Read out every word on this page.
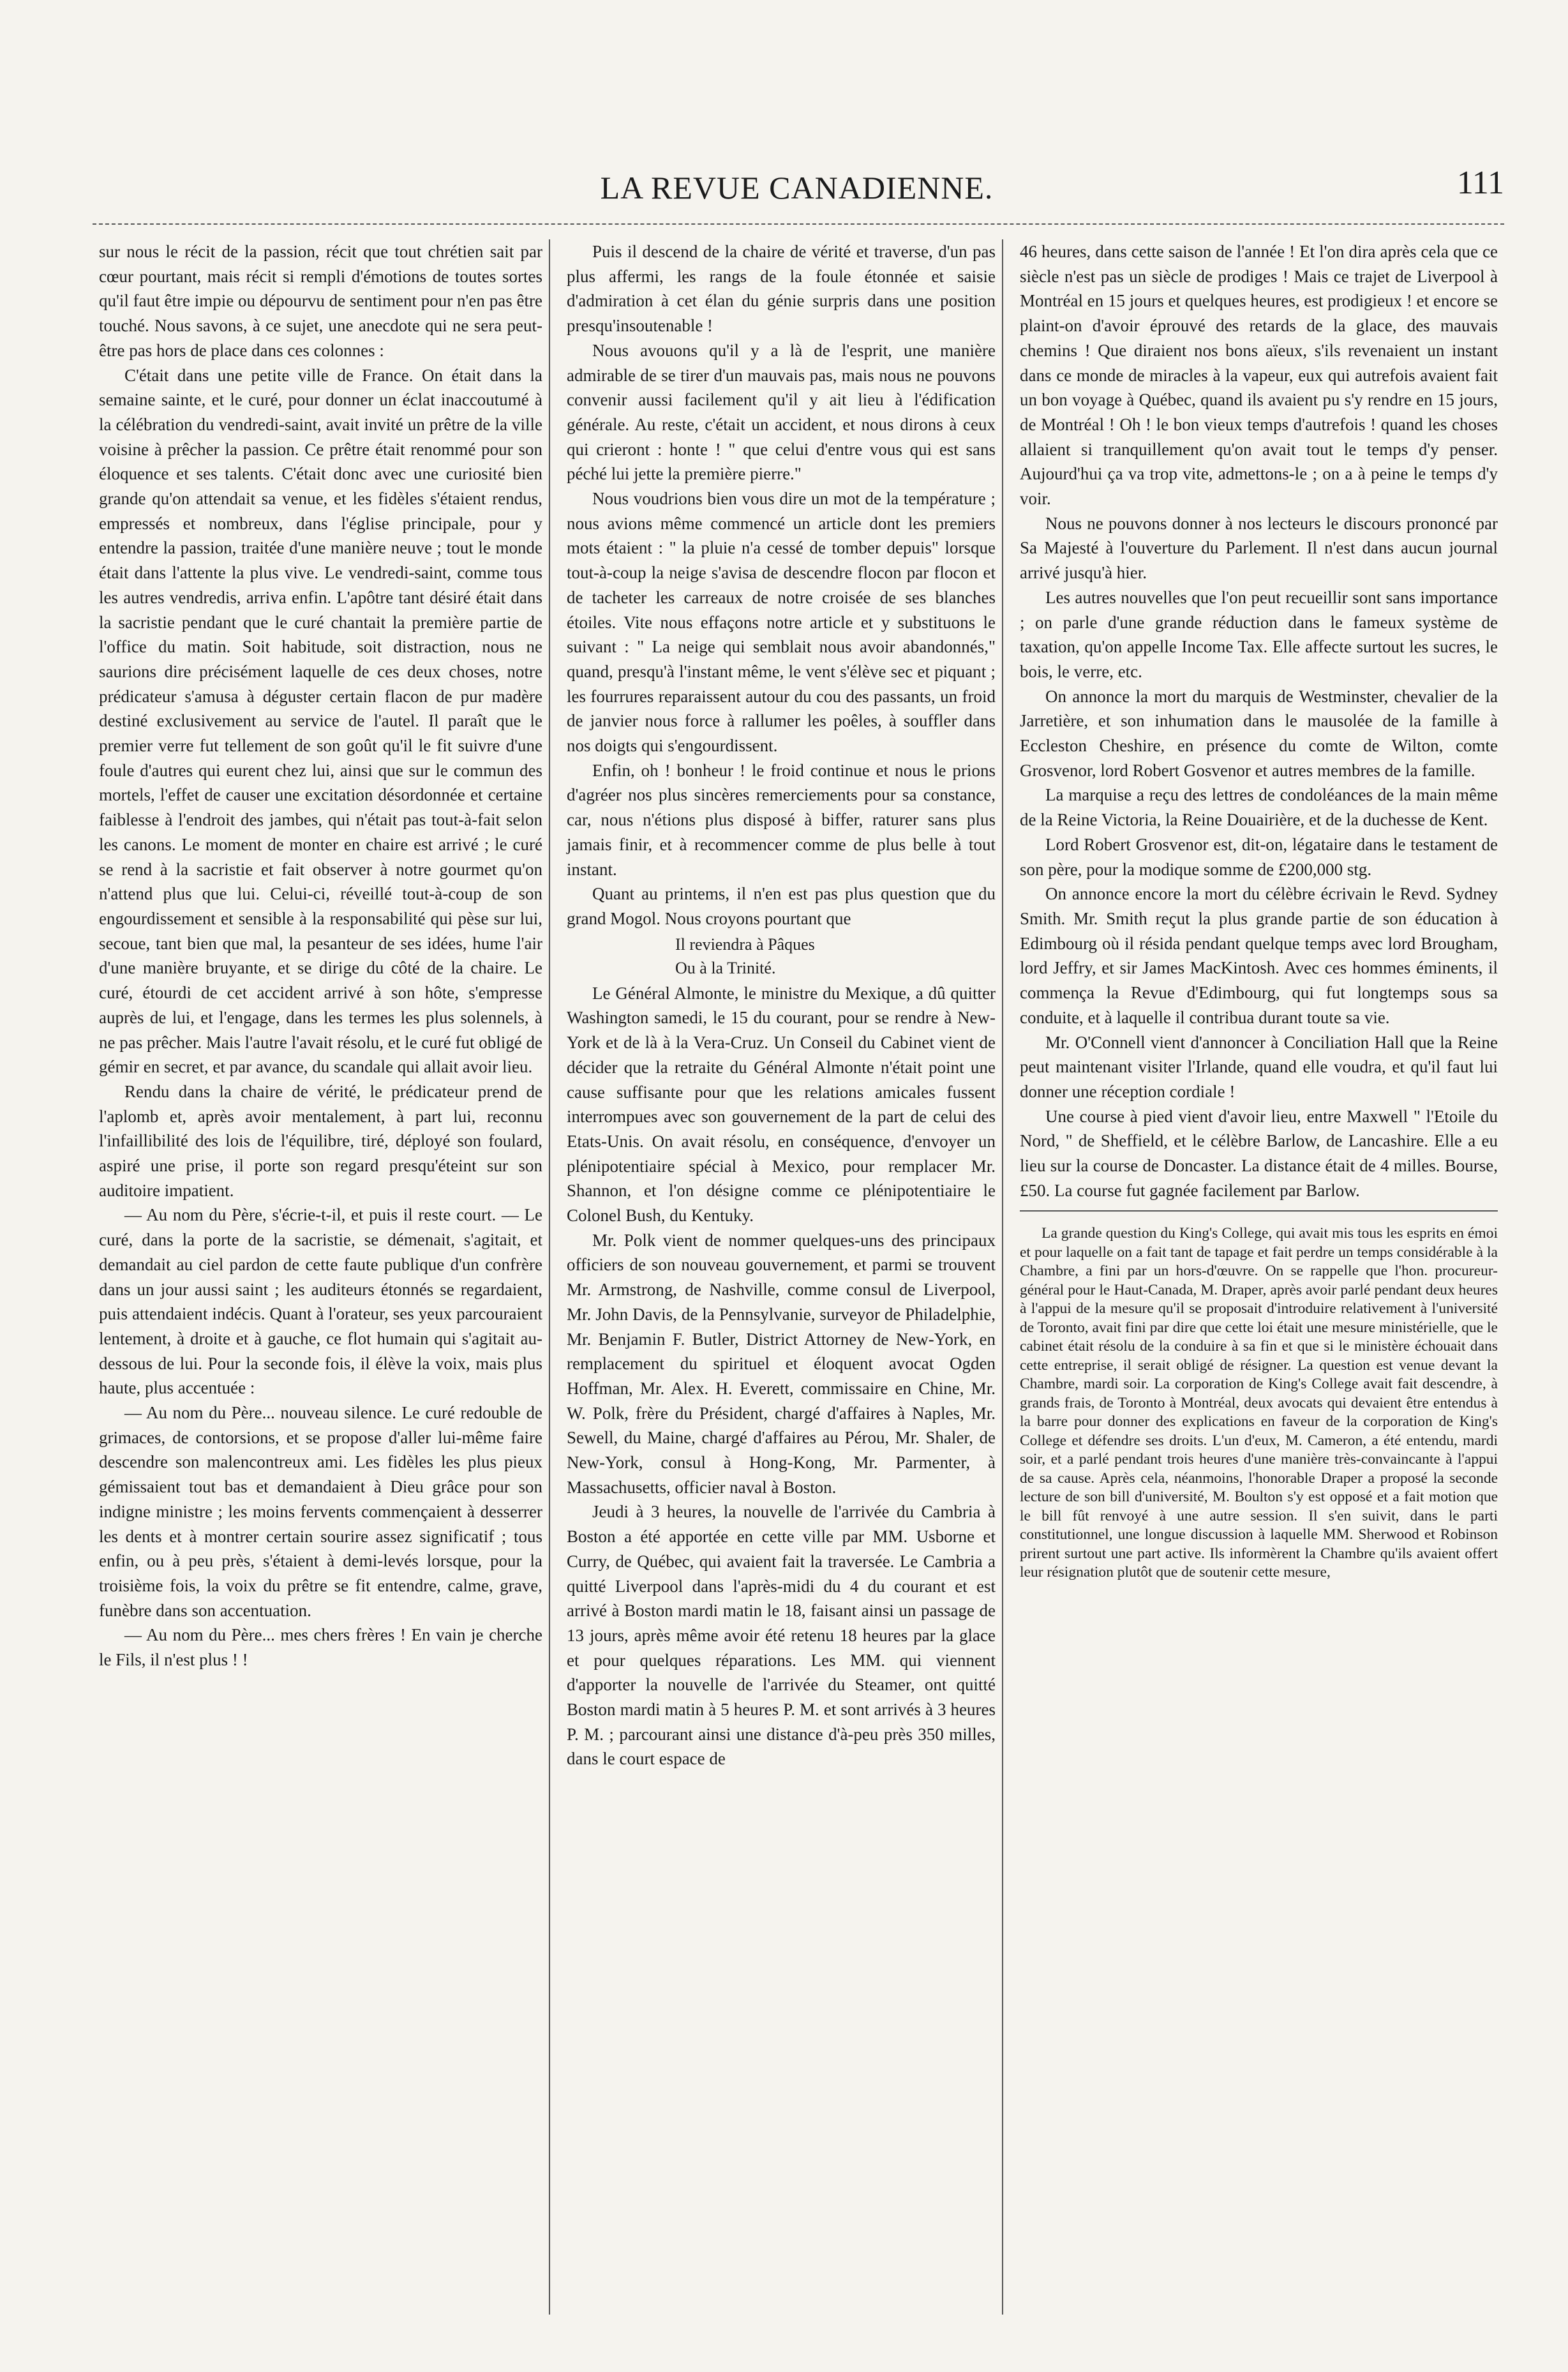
LA REVUE CANADIENNE.	111

sur nous le récit de la passion, récit que tout chrétien sait par cœur pourtant, mais récit si rempli d'émotions de toutes sortes qu'il faut être impie ou dépourvu de sentiment pour n'en pas être touché. Nous savons, à ce sujet, une anecdote qui ne sera peut-être pas hors de place dans ces colonnes :

C'était dans une petite ville de France. On était dans la semaine sainte, et le curé, pour donner un éclat inaccoutumé à la célébration du vendredi-saint, avait invité un prêtre de la ville voisine à prêcher la passion. Ce prêtre était renommé pour son éloquence et ses talents. C'était donc avec une curiosité bien grande qu'on attendait sa venue, et les fidèles s'étaient rendus, empressés et nombreux, dans l'église principale, pour y entendre la passion, traitée d'une manière neuve ; tout le monde était dans l'attente la plus vive. Le vendredi-saint, comme tous les autres vendredis, arriva enfin. L'apôtre tant désiré était dans la sacristie pendant que le curé chantait la première partie de l'office du matin. Soit habitude, soit distraction, nous ne saurions dire précisément laquelle de ces deux choses, notre prédicateur s'amusa à déguster certain flacon de pur madère destiné exclusivement au service de l'autel. Il paraît que le premier verre fut tellement de son goût qu'il le fit suivre d'une foule d'autres qui eurent chez lui, ainsi que sur le commun des mortels, l'effet de causer une excitation désordonnée et certaine faiblesse à l'endroit des jambes, qui n'était pas tout-à-fait selon les canons. Le moment de monter en chaire est arrivé ; le curé se rend à la sacristie et fait observer à notre gourmet qu'on n'attend plus que lui. Celui-ci, réveillé tout-à-coup de son engourdissement et sensible à la responsabilité qui pèse sur lui, secoue, tant bien que mal, la pesanteur de ses idées, hume l'air d'une manière bruyante, et se dirige du côté de la chaire. Le curé, étourdi de cet accident arrivé à son hôte, s'empresse auprès de lui, et l'engage, dans les termes les plus solennels, à ne pas prêcher. Mais l'autre l'avait résolu, et le curé fut obligé de gémir en secret, et par avance, du scandale qui allait avoir lieu.

Rendu dans la chaire de vérité, le prédicateur prend de l'aplomb et, après avoir mentalement, à part lui, reconnu l'infaillibilité des lois de l'équilibre, tiré, déployé son foulard, aspiré une prise, il porte son regard presqu'éteint sur son auditoire impatient.

— Au nom du Père, s'écrie-t-il, et puis il reste court. — Le curé, dans la porte de la sacristie, se démenait, s'agitait, et demandait au ciel pardon de cette faute publique d'un confrère dans un jour aussi saint ; les auditeurs étonnés se regardaient, puis attendaient indécis. Quant à l'orateur, ses yeux parcouraient lentement, à droite et à gauche, ce flot humain qui s'agitait au-dessous de lui. Pour la seconde fois, il élève la voix, mais plus haute, plus accentuée :

— Au nom du Père... nouveau silence. Le curé redouble de grimaces, de contorsions, et se propose d'aller lui-même faire descendre son malencontreux ami. Les fidèles les plus pieux gémissaient tout bas et demandaient à Dieu grâce pour son indigne ministre ; les moins fervents commençaient à desserrer les dents et à montrer certain sourire assez significatif ; tous enfin, ou à peu près, s'étaient à demi-levés lorsque, pour la troisième fois, la voix du prêtre se fit entendre, calme, grave, funèbre dans son accentuation.

— Au nom du Père... mes chers frères ! En vain je cherche le Fils, il n'est plus ! !

Puis il descend de la chaire de vérité et traverse, d'un pas plus affermi, les rangs de la foule étonnée et saisie d'admiration à cet élan du génie surpris dans une position presqu'insoutenable !

Nous avouons qu'il y a là de l'esprit, une manière admirable de se tirer d'un mauvais pas, mais nous ne pouvons convenir aussi facilement qu'il y ait lieu à l'édification générale. Au reste, c'était un accident, et nous dirons à ceux qui crieront : honte ! " que celui d'entre vous qui est sans péché lui jette la première pierre."

Nous voudrions bien vous dire un mot de la température ; nous avions même commencé un article dont les premiers mots étaient : " la pluie n'a cessé de tomber depuis" lorsque tout-à-coup la neige s'avisa de descendre flocon par flocon et de tacheter les carreaux de notre croisée de ses blanches étoiles. Vite nous effaçons notre article et y substituons le suivant : " La neige qui semblait nous avoir abandonnés," quand, presqu'à l'instant même, le vent s'élève sec et piquant ; les fourrures reparaissent autour du cou des passants, un froid de janvier nous force à rallumer les poêles, à souffler dans nos doigts qui s'engourdissent.

Enfin, oh ! bonheur ! le froid continue et nous le prions d'agréer nos plus sincères remerciements pour sa constance, car, nous n'étions plus disposé à biffer, raturer sans plus jamais finir, et à recommencer comme de plus belle à tout instant.

Quant au printems, il n'en est pas plus question que du grand Mogol. Nous croyons pourtant que

Il reviendra à Pâques
Ou à la Trinité.

Le Général Almonte, le ministre du Mexique, a dû quitter Washington samedi, le 15 du courant, pour se rendre à New-York et de là à la Vera-Cruz. Un Conseil du Cabinet vient de décider que la retraite du Général Almonte n'était point une cause suffisante pour que les relations amicales fussent interrompues avec son gouvernement de la part de celui des Etats-Unis. On avait résolu, en conséquence, d'envoyer un plénipotentiaire spécial à Mexico, pour remplacer Mr. Shannon, et l'on désigne comme ce plénipotentiaire le Colonel Bush, du Kentuky.

Mr. Polk vient de nommer quelques-uns des principaux officiers de son nouveau gouvernement, et parmi se trouvent Mr. Armstrong, de Nashville, comme consul de Liverpool, Mr. John Davis, de la Pennsylvanie, surveyor de Philadelphie, Mr. Benjamin F. Butler, District Attorney de New-York, en remplacement du spirituel et éloquent avocat Ogden Hoffman, Mr. Alex. H. Everett, commissaire en Chine, Mr. W. Polk, frère du Président, chargé d'affaires à Naples, Mr. Sewell, du Maine, chargé d'affaires au Pérou, Mr. Shaler, de New-York, consul à Hong-Kong, Mr. Parmenter, à Massachusetts, officier naval à Boston.

Jeudi à 3 heures, la nouvelle de l'arrivée du Cambria à Boston a été apportée en cette ville par MM. Usborne et Curry, de Québec, qui avaient fait la traversée. Le Cambria a quitté Liverpool dans l'après-midi du 4 du courant et est arrivé à Boston mardi matin le 18, faisant ainsi un passage de 13 jours, après même avoir été retenu 18 heures par la glace et pour quelques réparations. Les MM. qui viennent d'apporter la nouvelle de l'arrivée du Steamer, ont quitté Boston mardi matin à 5 heures P. M. et sont arrivés à 3 heures P. M. ; parcourant ainsi une distance d'à-peu près 350 milles, dans le court espace de

46 heures, dans cette saison de l'année ! Et l'on dira après cela que ce siècle n'est pas un siècle de prodiges ! Mais ce trajet de Liverpool à Montréal en 15 jours et quelques heures, est prodigieux ! et encore se plaint-on d'avoir éprouvé des retards de la glace, des mauvais chemins ! Que diraient nos bons aïeux, s'ils revenaient un instant dans ce monde de miracles à la vapeur, eux qui autrefois avaient fait un bon voyage à Québec, quand ils avaient pu s'y rendre en 15 jours, de Montréal ! Oh ! le bon vieux temps d'autrefois ! quand les choses allaient si tranquillement qu'on avait tout le temps d'y penser. Aujourd'hui ça va trop vite, admettons-le ; on a à peine le temps d'y voir.

Nous ne pouvons donner à nos lecteurs le discours prononcé par Sa Majesté à l'ouverture du Parlement. Il n'est dans aucun journal arrivé jusqu'à hier.

Les autres nouvelles que l'on peut recueillir sont sans importance ; on parle d'une grande réduction dans le fameux système de taxation, qu'on appelle Income Tax. Elle affecte surtout les sucres, le bois, le verre, etc.

On annonce la mort du marquis de Westminster, chevalier de la Jarretière, et son inhumation dans le mausolée de la famille à Eccleston Cheshire, en présence du comte de Wilton, comte Grosvenor, lord Robert Gosvenor et autres membres de la famille.

La marquise a reçu des lettres de condoléances de la main même de la Reine Victoria, la Reine Douairière, et de la duchesse de Kent.

Lord Robert Grosvenor est, dit-on, légataire dans le testament de son père, pour la modique somme de £200,000 stg.

On annonce encore la mort du célèbre écrivain le Revd. Sydney Smith. Mr. Smith reçut la plus grande partie de son éducation à Edimbourg où il résida pendant quelque temps avec lord Brougham, lord Jeffry, et sir James MacKintosh. Avec ces hommes éminents, il commença la Revue d'Edimbourg, qui fut longtemps sous sa conduite, et à laquelle il contribua durant toute sa vie.

Mr. O'Connell vient d'annoncer à Conciliation Hall que la Reine peut maintenant visiter l'Irlande, quand elle voudra, et qu'il faut lui donner une réception cordiale !

Une course à pied vient d'avoir lieu, entre Maxwell " l'Etoile du Nord, " de Sheffield, et le célèbre Barlow, de Lancashire. Elle a eu lieu sur la course de Doncaster. La distance était de 4 milles. Bourse, £50. La course fut gagnée facilement par Barlow.

La grande question du King's College, qui avait mis tous les esprits en émoi et pour laquelle on a fait tant de tapage et fait perdre un temps considérable à la Chambre, a fini par un hors-d'œuvre. On se rappelle que l'hon. procureur-général pour le Haut-Canada, M. Draper, après avoir parlé pendant deux heures à l'appui de la mesure qu'il se proposait d'introduire relativement à l'université de Toronto, avait fini par dire que cette loi était une mesure ministérielle, que le cabinet était résolu de la conduire à sa fin et que si le ministère échouait dans cette entreprise, il serait obligé de résigner. La question est venue devant la Chambre, mardi soir. La corporation de King's College avait fait descendre, à grands frais, de Toronto à Montréal, deux avocats qui devaient être entendus à la barre pour donner des explications en faveur de la corporation de King's College et défendre ses droits. L'un d'eux, M. Cameron, a été entendu, mardi soir, et a parlé pendant trois heures d'une manière très-convaincante à l'appui de sa cause. Après cela, néanmoins, l'honorable Draper a proposé la seconde lecture de son bill d'université, M. Boulton s'y est opposé et a fait motion que le bill fût renvoyé à une autre session. Il s'en suivit, dans le parti constitutionnel, une longue discussion à laquelle MM. Sherwood et Robinson prirent surtout une part active. Ils informèrent la Chambre qu'ils avaient offert leur résignation plutôt que de soutenir cette mesure,
